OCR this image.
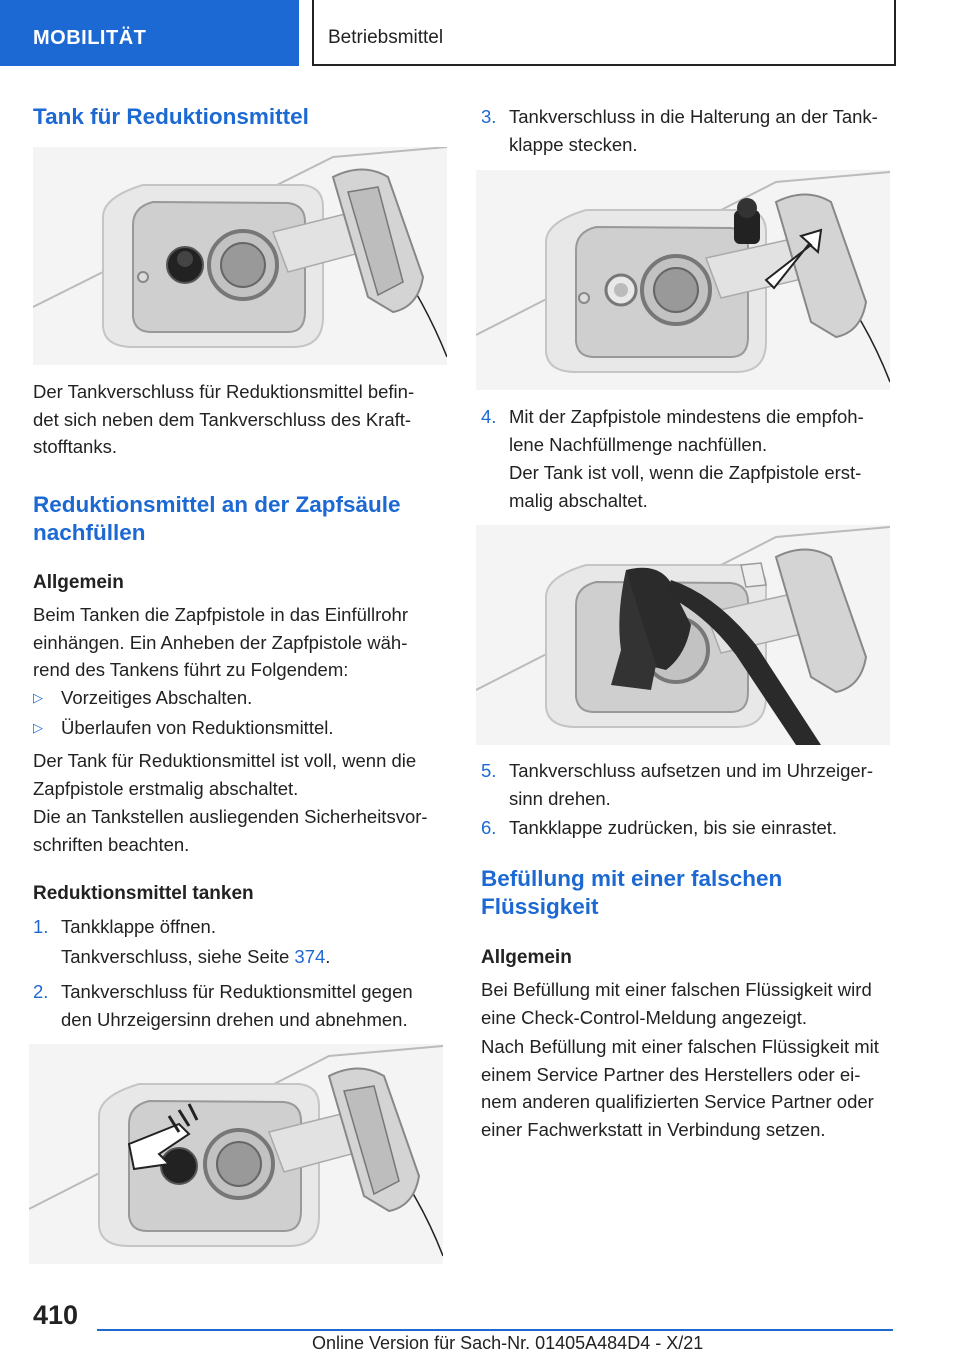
MOBILITÄT	Betriebsmittel
Tank für Reduktionsmittel
Der Tankverschluss für Reduktionsmittel befin-
det sich neben dem Tankverschluss des Kraft-
stofftanks.
Reduktionsmittel an der Zapfsäule
nachfüllen
Allgemein
Beim Tanken die Zapfpistole in das Einfüllrohr
einhängen. Ein Anheben der Zapfpistole wäh-
rend des Tankens führt zu Folgendem:
▷ Vorzeitiges Abschalten.
▷ Überlaufen von Reduktionsmittel.
Der Tank für Reduktionsmittel ist voll, wenn die
Zapfpistole erstmalig abschaltet.
Die an Tankstellen ausliegenden Sicherheitsvor-
schriften beachten.
Reduktionsmittel tanken
1. Tankklappe öffnen.
Tankverschluss, siehe Seite 374.
2. Tankverschluss für Reduktionsmittel gegen
den Uhrzeigersinn drehen und abnehmen.
3. Tankverschluss in die Halterung an der Tank-
klappe stecken.
4. Mit der Zapfpistole mindestens die empfoh-
lene Nachfüllmenge nachfüllen.
Der Tank ist voll, wenn die Zapfpistole erst-
malig abschaltet.
5. Tankverschluss aufsetzen und im Uhrzeiger-
sinn drehen.
6. Tankklappe zudrücken, bis sie einrastet.
Befüllung mit einer falschen
Flüssigkeit
Allgemein
Bei Befüllung mit einer falschen Flüssigkeit wird
eine Check-Control-Meldung angezeigt.
Nach Befüllung mit einer falschen Flüssigkeit mit
einem Service Partner des Herstellers oder ei-
nem anderen qualifizierten Service Partner oder
einer Fachwerkstatt in Verbindung setzen.
410
Online Version für Sach-Nr. 01405A484D4 - X/21
